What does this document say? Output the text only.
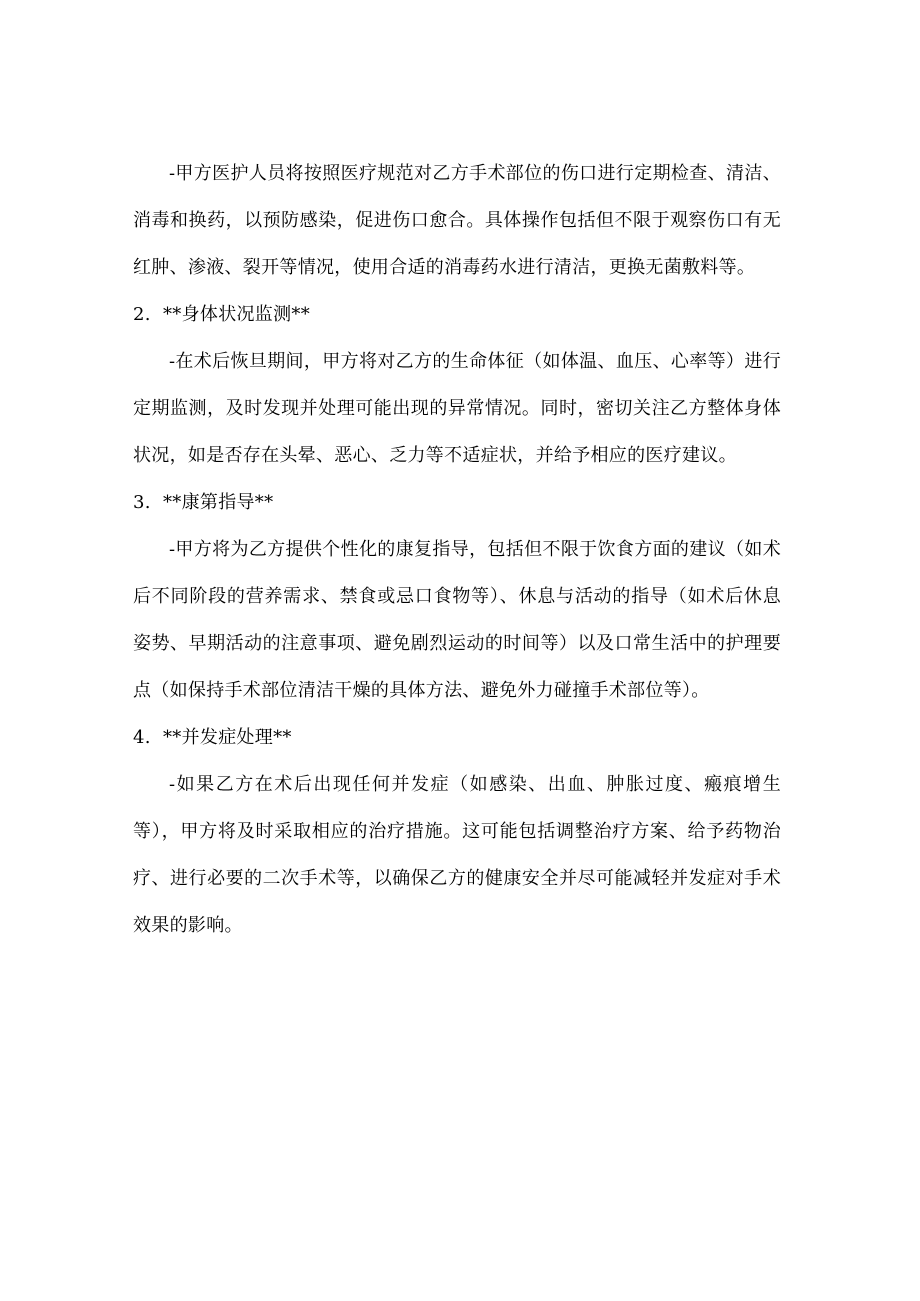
-甲方医护人员将按照医疗规范对乙方手术部位的伤口进行定期检查、清洁、消毒和换药，以预防感染，促进伤口愈合。具体操作包括但不限于观察伤口有无红肿、渗液、裂开等情况，使用合适的消毒药水进行清洁，更换无菌敷料等。

2. **身体状况监测**

-在术后恢旦期间，甲方将对乙方的生命体征（如体温、血压、心率等）进行定期监测，及时发现并处理可能出现的异常情况。同时，密切关注乙方整体身体状况，如是否存在头晕、恶心、乏力等不适症状，并给予相应的医疗建议。

3. **康第指导**

-甲方将为乙方提供个性化的康复指导，包括但不限于饮食方面的建议（如术后不同阶段的营养需求、禁食或忌口食物等）、休息与活动的指导（如术后休息姿势、早期活动的注意事项、避免剧烈运动的时间等）以及口常生活中的护理要点（如保持手术部位清洁干燥的具体方法、避免外力碰撞手术部位等）。

4. **并发症处理**

-如果乙方在术后出现任何并发症（如感染、出血、肿胀过度、瘢痕增生等），甲方将及时采取相应的治疗措施。这可能包括调整治疗方案、给予药物治疗、进行必要的二次手术等，以确保乙方的健康安全并尽可能减轻并发症对手术效果的影响。
